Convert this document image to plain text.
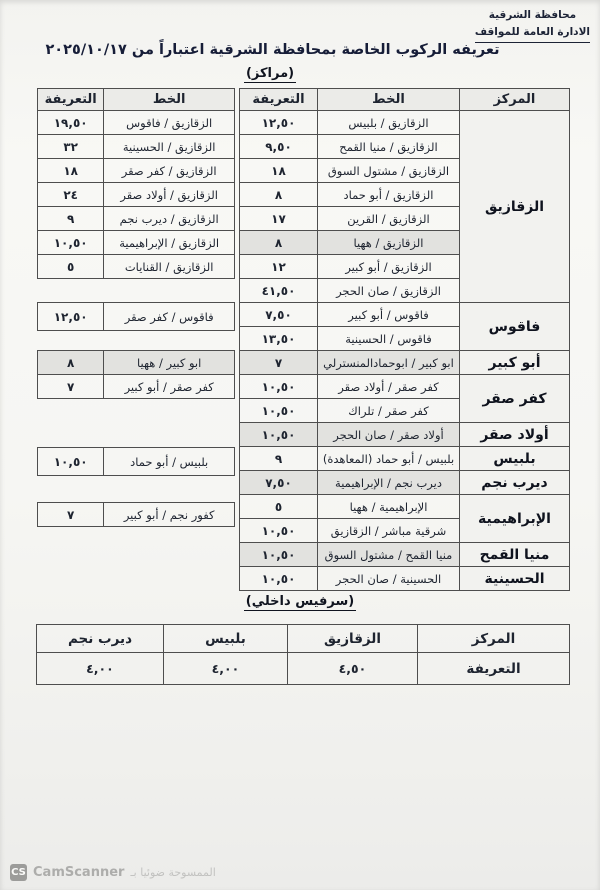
محافظة الشرقية
الادارة العامة للمواقف
تعريفه الركوب الخاصة بمحافظة الشرقية اعتباراً من ٢٠٢٥/١٠/١٧
(مراكز)
المركز	الخط	التعريفة
الزقازيق	الزقازيق / بلبيس	١٢,٥٠
	الزقازيق / منيا القمح	٩,٥٠
	الزقازيق / مشتول السوق	١٨
	الزقازيق / أبو حماد	٨
	الزقازيق / القرين	١٧
	الزقازيق / ههيا	٨
	الزقازيق / أبو كبير	١٢
	الزقازيق / صان الحجر	٤١,٥٠
فاقوس	فاقوس / أبو كبير	٧,٥٠
	فاقوس / الحسينية	١٣,٥٠
أبو كبير	ابو كبير / ابوحمادالمنسترلي	٧
كفر صقر	كفر صقر / أولاد صقر	١٠,٥٠
	كفر صقر / تلراك	١٠,٥٠
أولاد صقر	أولاد صقر / صان الحجر	١٠,٥٠
بلبيس	بلبيس / أبو حماد (المعاهدة)	٩
ديرب نجم	ديرب نجم / الإبراهيمية	٧,٥٠
الإبراهيمية	الإبراهيمية / ههيا	٥
	شرقية مباشر / الزقازيق	١٠,٥٠
منيا القمح	منيا القمح / مشتول السوق	١٠,٥٠
الحسينية	الحسينية / صان الحجر	١٠,٥٠
الخط	التعريفة
الزقازيق / فاقوس	١٩,٥٠
الزقازيق / الحسينية	٣٢
الزقازيق / كفر صقر	١٨
الزقازيق / أولاد صقر	٢٤
الزقازيق / ديرب نجم	٩
الزقازيق / الإبراهيمية	١٠,٥٠
الزقازيق / القنايات	٥
فاقوس / كفر صقر	١٢,٥٠
ابو كبير / ههيا	٨
كفر صقر / أبو كبير	٧
بلبيس / أبو حماد	١٠,٥٠
كفور نجم / أبو كبير	٧
(سرفيس داخلي)
المركز	الزقازيق	بلبيس	ديرب نجم
التعريفة	٤,٥٠	٤,٠٠	٤,٠٠
CS CamScanner الممسوحة ضوئيا بـ
